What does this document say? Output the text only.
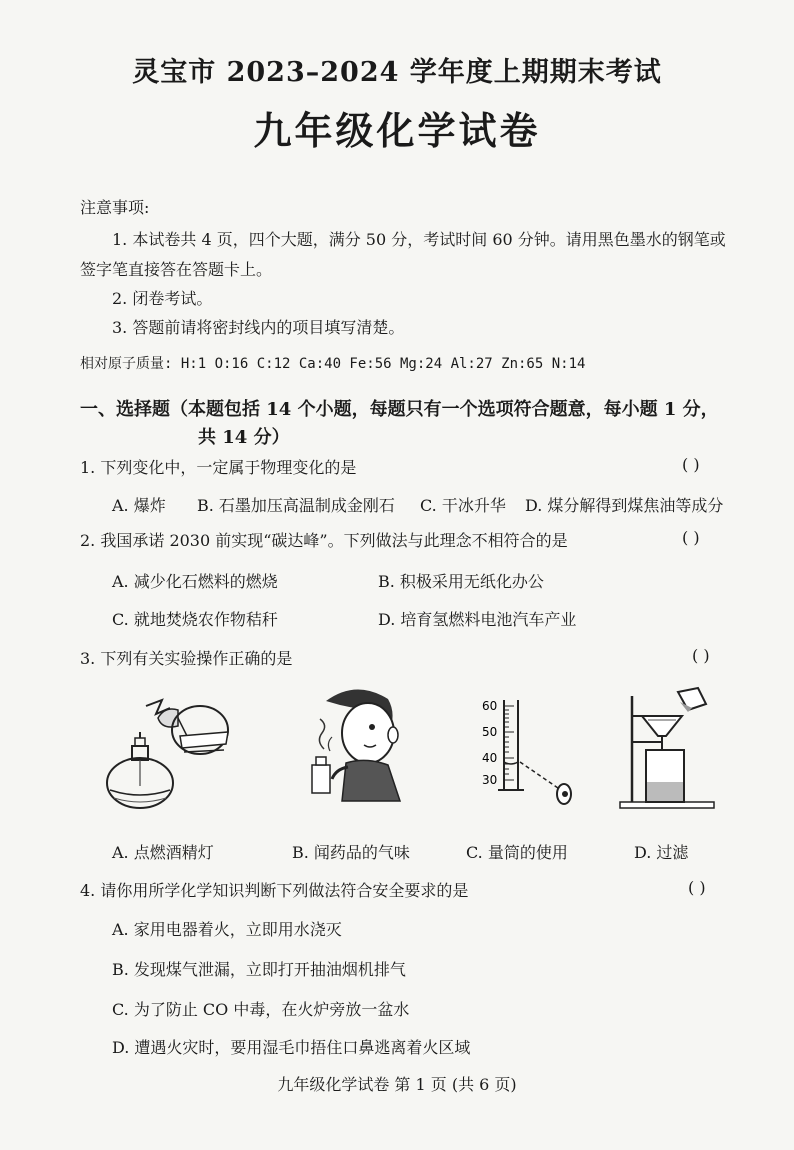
灵宝市 2023–2024 学年度上期期末考试
九年级化学试卷
注意事项:
1. 本试卷共 4 页，四个大题，满分 50 分，考试时间 60 分钟。请用黑色墨水的钢笔或
签字笔直接答在答题卡上。
2. 闭卷考试。
3. 答题前请将密封线内的项目填写清楚。
相对原子质量: H:1 O:16 C:12 Ca:40 Fe:56 Mg:24 Al:27 Zn:65 N:14
一、选择题（本题包括 14 个小题，每题只有一个选项符合题意，每小题 1 分，
共 14 分）
1. 下列变化中，一定属于物理变化的是	( )
A. 爆炸 B. 石墨加压高温制成金刚石 C. 干冰升华 D. 煤分解得到煤焦油等成分
2. 我国承诺 2030 前实现“碳达峰”。下列做法与此理念不相符合的是	( )
A. 减少化石燃料的燃烧	B. 积极采用无纸化办公
C. 就地焚烧农作物秸秆	D. 培育氢燃料电池汽车产业
3. 下列有关实验操作正确的是	( )
60
50
40
30
A. 点燃酒精灯	B. 闻药品的气味	C. 量筒的使用	D. 过滤
4. 请你用所学化学知识判断下列做法符合安全要求的是	( )
A. 家用电器着火，立即用水浇灭
B. 发现煤气泄漏，立即打开抽油烟机排气
C. 为了防止 CO 中毒，在火炉旁放一盆水
D. 遭遇火灾时，要用湿毛巾捂住口鼻逃离着火区域
九年级化学试卷 第 1 页 (共 6 页)
